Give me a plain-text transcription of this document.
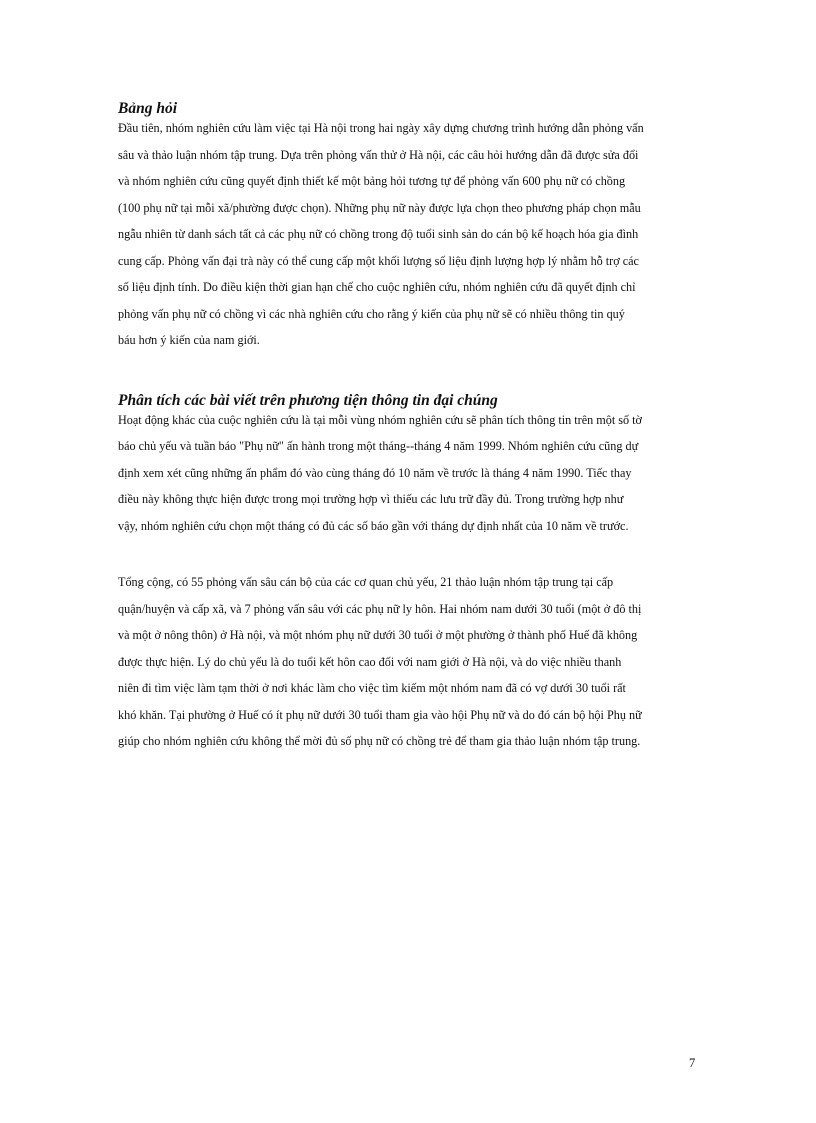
Bảng hỏi

Đầu tiên, nhóm nghiên cứu làm việc tại Hà nội trong hai ngày xây dựng chương trình hướng dẫn phỏng vấn
sâu và thảo luận nhóm tập trung. Dựa trên phỏng vấn thử ở Hà nội, các câu hỏi hướng dẫn đã được sửa đổi
và nhóm nghiên cứu cũng quyết định thiết kế một bảng hỏi tương tự để phỏng vấn 600 phụ nữ có chồng
(100 phụ nữ tại mỗi xã/phường được chọn). Những phụ nữ này được lựa chọn theo phương pháp chọn mẫu
ngẫu nhiên từ danh sách tất cả các phụ nữ có chồng trong độ tuổi sinh sản do cán bộ kế hoạch hóa gia đình
cung cấp. Phỏng vấn đại trà này có thể cung cấp một khối lượng số liệu định lượng hợp lý nhằm hỗ trợ các
số liệu định tính. Do điều kiện thời gian hạn chế cho cuộc nghiên cứu, nhóm nghiên cứu đã quyết định chỉ
phỏng vấn phụ nữ có chồng vì các nhà nghiên cứu cho rằng ý kiến của phụ nữ sẽ có nhiều thông tin quý
báu hơn ý kiến của nam giới.

Phân tích các bài viết trên phương tiện thông tin đại chúng

Hoạt động khác của cuộc nghiên cứu là tại mỗi vùng nhóm nghiên cứu sẽ phân tích thông tin trên một số tờ
báo chủ yếu và tuần báo "Phụ nữ" ấn hành trong một tháng--tháng 4 năm 1999. Nhóm nghiên cứu cũng dự
định xem xét cũng những ấn phẩm đó vào cùng tháng đó 10 năm về trước là tháng 4 năm 1990. Tiếc thay
điều này không thực hiện được trong mọi trường hợp vì thiếu các lưu trữ đầy đủ. Trong trường hợp như
vậy, nhóm nghiên cứu chọn một tháng có đủ các số báo gần với tháng dự định nhất của 10 năm về trước.

Tổng cộng, có 55 phỏng vấn sâu cán bộ của các cơ quan chủ yếu, 21 thảo luận nhóm tập trung tại cấp
quận/huyện và cấp xã, và 7 phỏng vấn sâu với các phụ nữ ly hôn. Hai nhóm nam dưới 30 tuổi (một ở đô thị
và một ở nông thôn) ở Hà nội, và một nhóm phụ nữ dưới 30 tuổi ở một phường ở thành phố Huế đã không
được thực hiện. Lý do chủ yếu là do tuổi kết hôn cao đối với nam giới ở Hà nội, và do việc nhiều thanh
niên đi tìm việc làm tạm thời ở nơi khác làm cho việc tìm kiếm một nhóm nam đã có vợ dưới 30 tuổi rất
khó khăn. Tại phường ở Huế có ít phụ nữ dưới 30 tuổi tham gia vào hội Phụ nữ và do đó cán bộ hội Phụ nữ
giúp cho nhóm nghiên cứu không thể mời đủ số phụ nữ có chồng trẻ để tham gia thảo luận nhóm tập trung.

7
